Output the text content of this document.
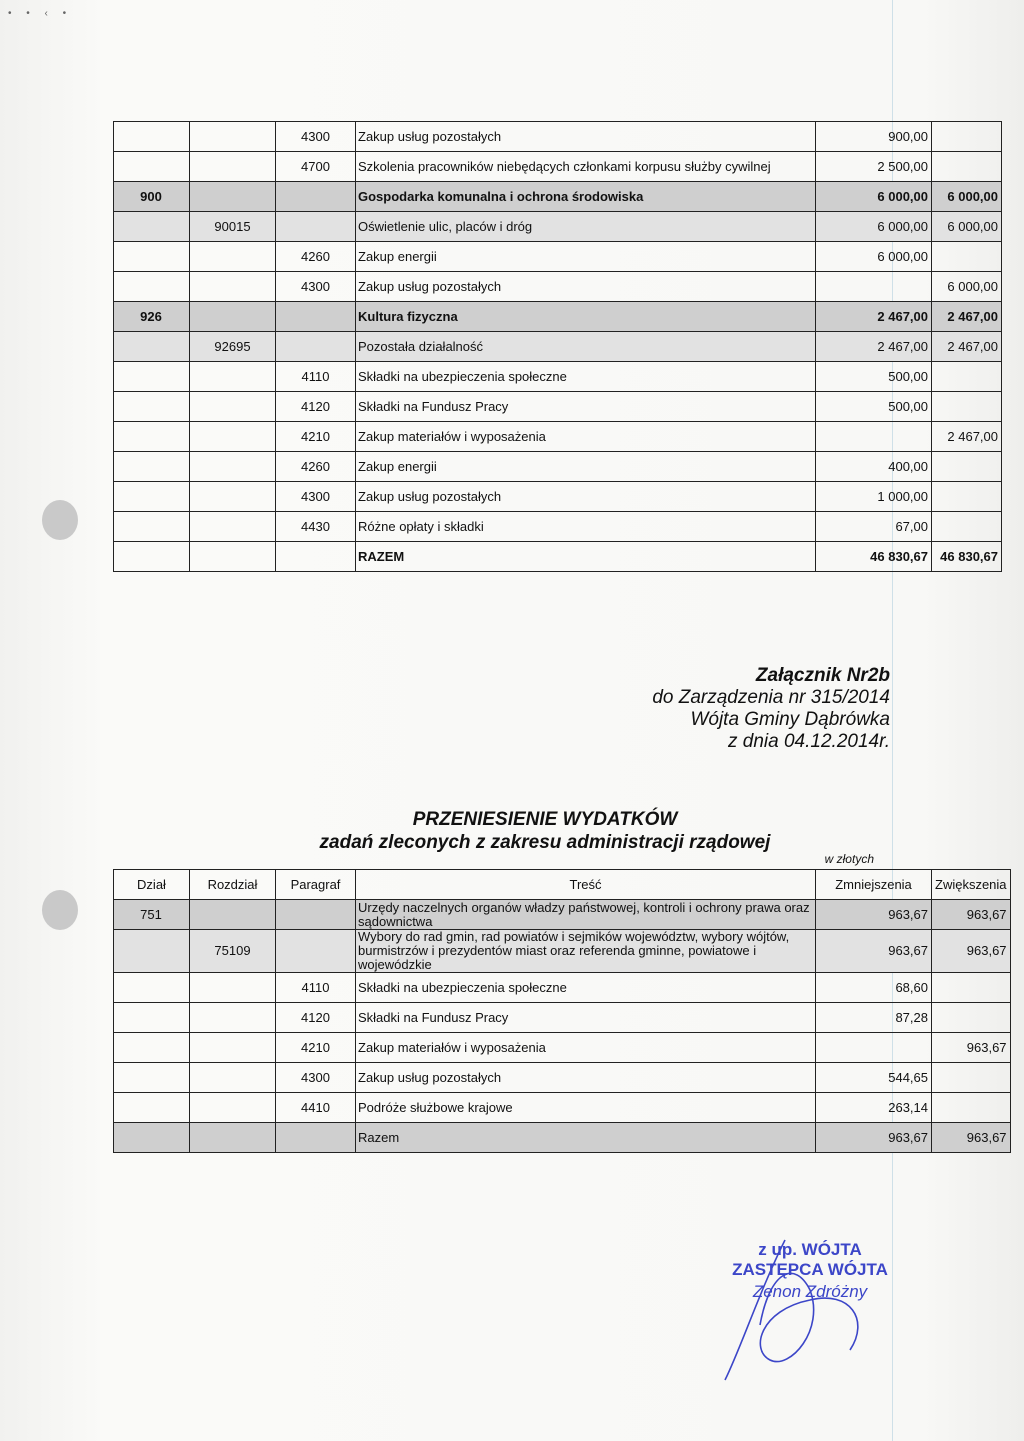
• • ‹ •
		4300	Zakup usług pozostałych	900,00	
		4700	Szkolenia pracowników niebędących członkami korpusu służby cywilnej	2 500,00	
900			Gospodarka komunalna i ochrona środowiska	6 000,00	6 000,00
	90015		Oświetlenie ulic, placów i dróg	6 000,00	6 000,00
		4260	Zakup energii	6 000,00	
		4300	Zakup usług pozostałych		6 000,00
926			Kultura fizyczna	2 467,00	2 467,00
	92695		Pozostała działalność	2 467,00	2 467,00
		4110	Składki na ubezpieczenia społeczne	500,00	
		4120	Składki na Fundusz Pracy	500,00	
		4210	Zakup materiałów i wyposażenia		2 467,00
		4260	Zakup energii	400,00	
		4300	Zakup usług pozostałych	1 000,00	
		4430	Różne opłaty i składki	67,00	
			RAZEM	46 830,67	46 830,67
Załącznik Nr2b
do Zarządzenia nr 315/2014
Wójta Gminy Dąbrówka
z dnia 04.12.2014r.
PRZENIESIENIE WYDATKÓW
zadań zleconych z zakresu administracji rządowej
w złotych
Dział	Rozdział	Paragraf	Treść	Zmniejszenia	Zwiększenia
751			Urzędy naczelnych organów władzy państwowej, kontroli i ochrony prawa oraz sądownictwa	963,67	963,67
	75109		Wybory do rad gmin, rad powiatów i sejmików województw, wybory wójtów, burmistrzów i prezydentów miast oraz referenda gminne, powiatowe i wojewódzkie	963,67	963,67
		4110	Składki na ubezpieczenia społeczne	68,60	
		4120	Składki na Fundusz Pracy	87,28	
		4210	Zakup materiałów i wyposażenia		963,67
		4300	Zakup usług pozostałych	544,65	
		4410	Podróże służbowe krajowe	263,14	
			Razem	963,67	963,67
z up. WÓJTA
ZASTĘPCA WÓJTA
Zenon Zdróżny
